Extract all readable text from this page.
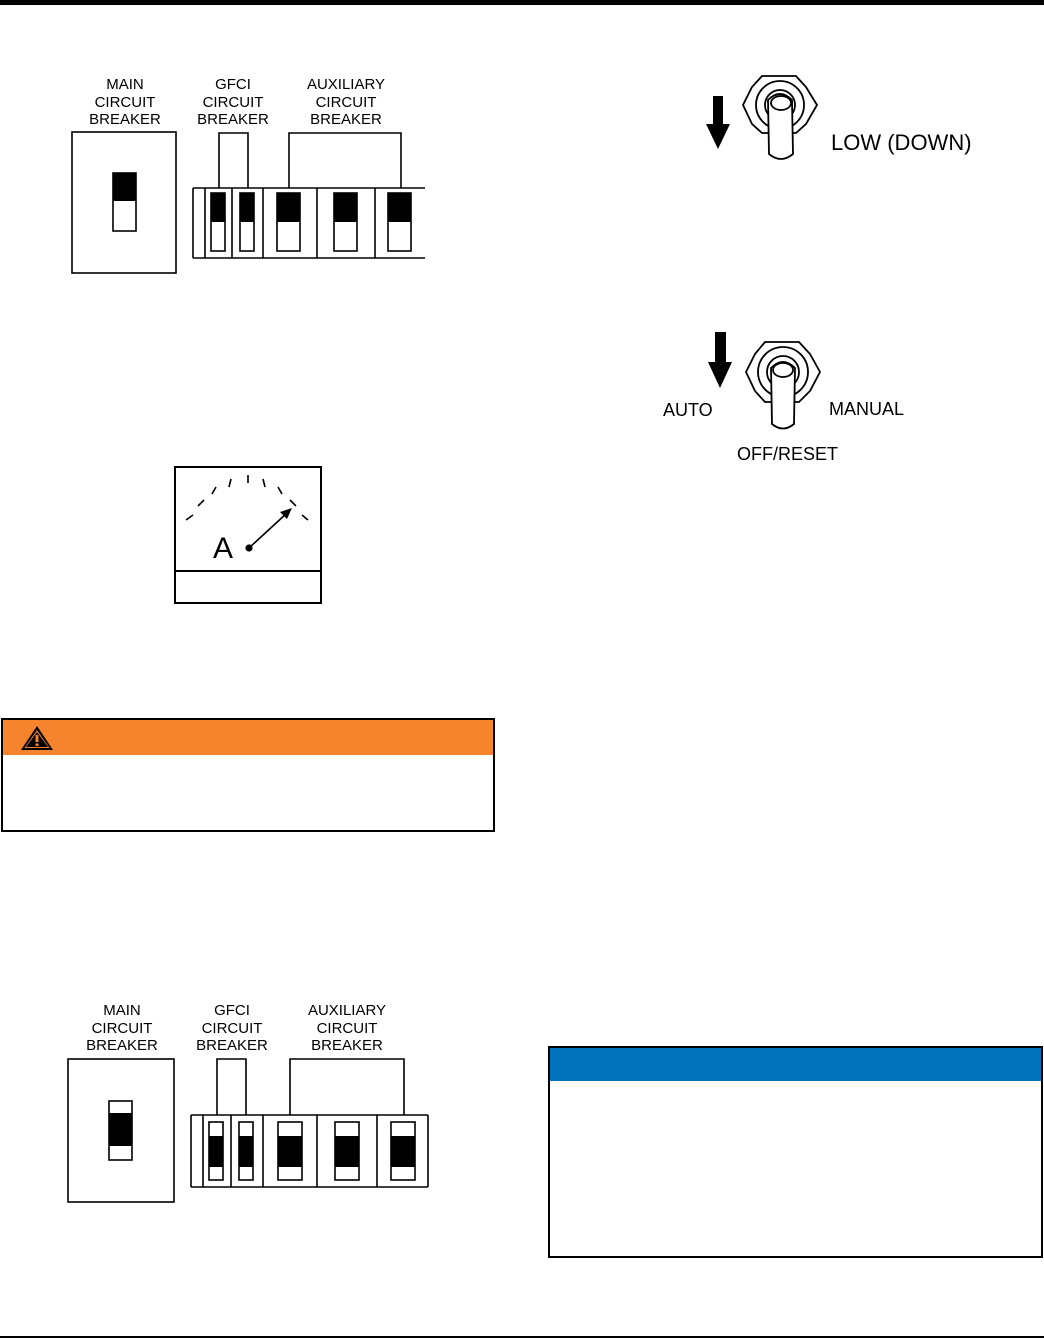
MAIN
CIRCUIT
BREAKER
GFCI
CIRCUIT
BREAKER
AUXILIARY
CIRCUIT
BREAKER
A
MAIN
CIRCUIT
BREAKER
GFCI
CIRCUIT
BREAKER
AUXILIARY
CIRCUIT
BREAKER
LOW (DOWN)
AUTO	MANUAL
OFF/RESET
